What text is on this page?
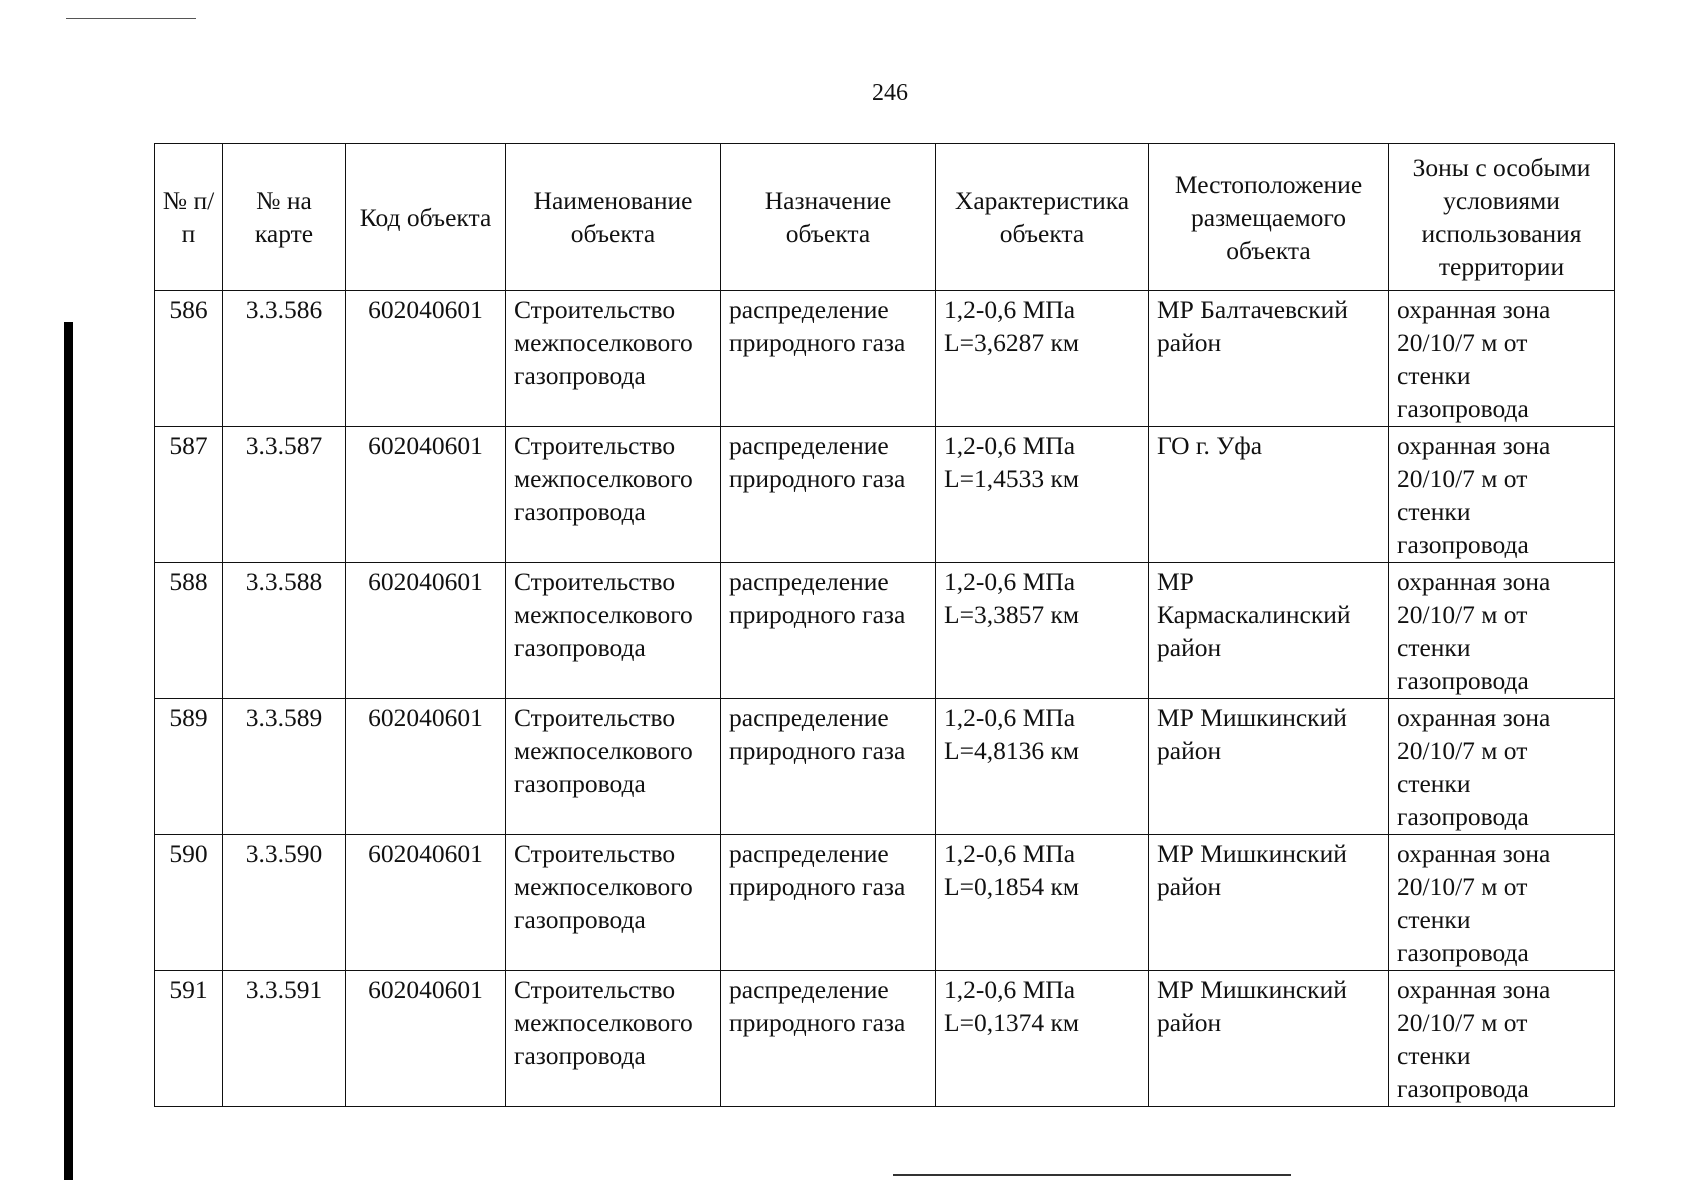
246
№ п/п	№ на карте	Код объекта	Наименование объекта	Назначение объекта	Характеристика объекта	Местоположение размещаемого объекта	Зоны с особыми условиями использования территории
586	3.3.586	602040601	Строительство межпоселкового газопровода	распределение природного газа	1,2-0,6 МПа L=3,6287 км	МР Балтачевский район	охранная зона 20/10/7 м от стенки газопровода
587	3.3.587	602040601	Строительство межпоселкового газопровода	распределение природного газа	1,2-0,6 МПа L=1,4533 км	ГО г. Уфа	охранная зона 20/10/7 м от стенки газопровода
588	3.3.588	602040601	Строительство межпоселкового газопровода	распределение природного газа	1,2-0,6 МПа L=3,3857 км	МР Кармаскалинский район	охранная зона 20/10/7 м от стенки газопровода
589	3.3.589	602040601	Строительство межпоселкового газопровода	распределение природного газа	1,2-0,6 МПа L=4,8136 км	МР Мишкинский район	охранная зона 20/10/7 м от стенки газопровода
590	3.3.590	602040601	Строительство межпоселкового газопровода	распределение природного газа	1,2-0,6 МПа L=0,1854 км	МР Мишкинский район	охранная зона 20/10/7 м от стенки газопровода
591	3.3.591	602040601	Строительство межпоселкового газопровода	распределение природного газа	1,2-0,6 МПа L=0,1374 км	МР Мишкинский район	охранная зона 20/10/7 м от стенки газопровода
